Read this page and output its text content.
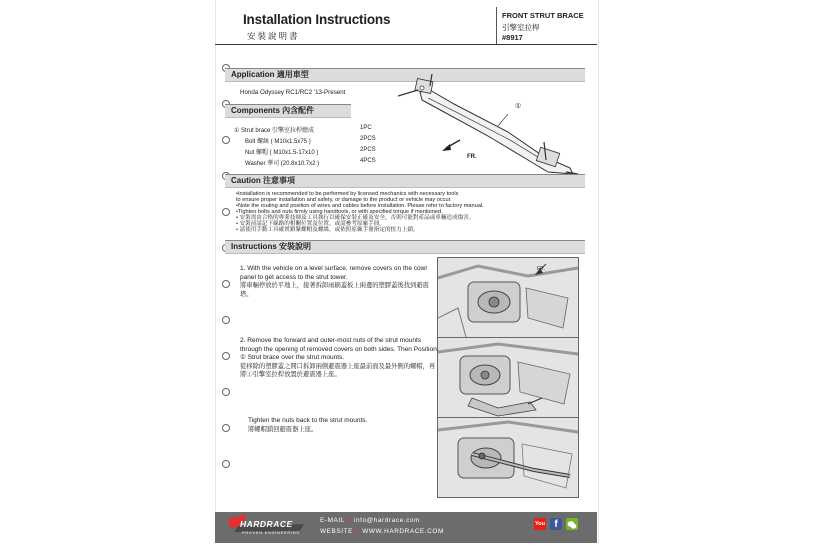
Installation Instructions
安裝說明書
FRONT STRUT BRACE
引擎室拉桿
#8917
Application 適用車型
Honda Odyssey RC1/RC2 '13-Present
Components 內含配件
① Strut brace 引擎室拉桿總成	1PC
Bolt 螺絲 ( M10x1.5x75 )	2PCS
Nut 螺帽 ( M10x1.5-17x10 )	2PCS
Washer 華司 (20.8x10.7x2 )	4PCS
①
FR.
Caution 注意事項
•Installation is recommended to be performed by licensed mechanics with necessary tools
to ensure proper installation and safety, or damage to the product or vehicle may occur.
•Note the routing and position of wires and cables before installation. Please refer to factory manual.
•Tighten bolts and nuts firmly using handtools, or with specified torque if mentioned.
• 安裝需由合格的專業技師及工具執行以確保安裝正確及安全，否則可能對產品或車輛造成傷害。
• 安裝前請記下線路的相關位置及位置，或請參考原廠手冊。
• 請使用手動工具確實鎖緊螺帽及螺絲，或依照原廠手冊指定的扭力上鎖。
Instructions 安裝說明
1. With the vehicle on a level surface, remove covers on the cowl panel to get access to the strut tower.
將車輛停放於平地上，接著拆卸雨刷蓋板上兩邊的塑膠蓋後找到避震塔。
2. Remove the forward and outer-most nuts of the strut mounts through the opening of removed covers on both sides. Then Position ① Strut brace over the strut mounts.
從移除的塑膠蓋之開口拆卸兩側避震器上座最前面及最外側的螺帽，再將①引擎室拉桿放置於避震器上座。
Tighten the nuts back to the strut mounts.
將螺帽鎖回避震器上座。
FR.
HARDRACE
PROVEN ENGINEERING
E-MAIL ● info@hardrace.com
WEBSITE ● WWW.HARDRACE.COM
You f
